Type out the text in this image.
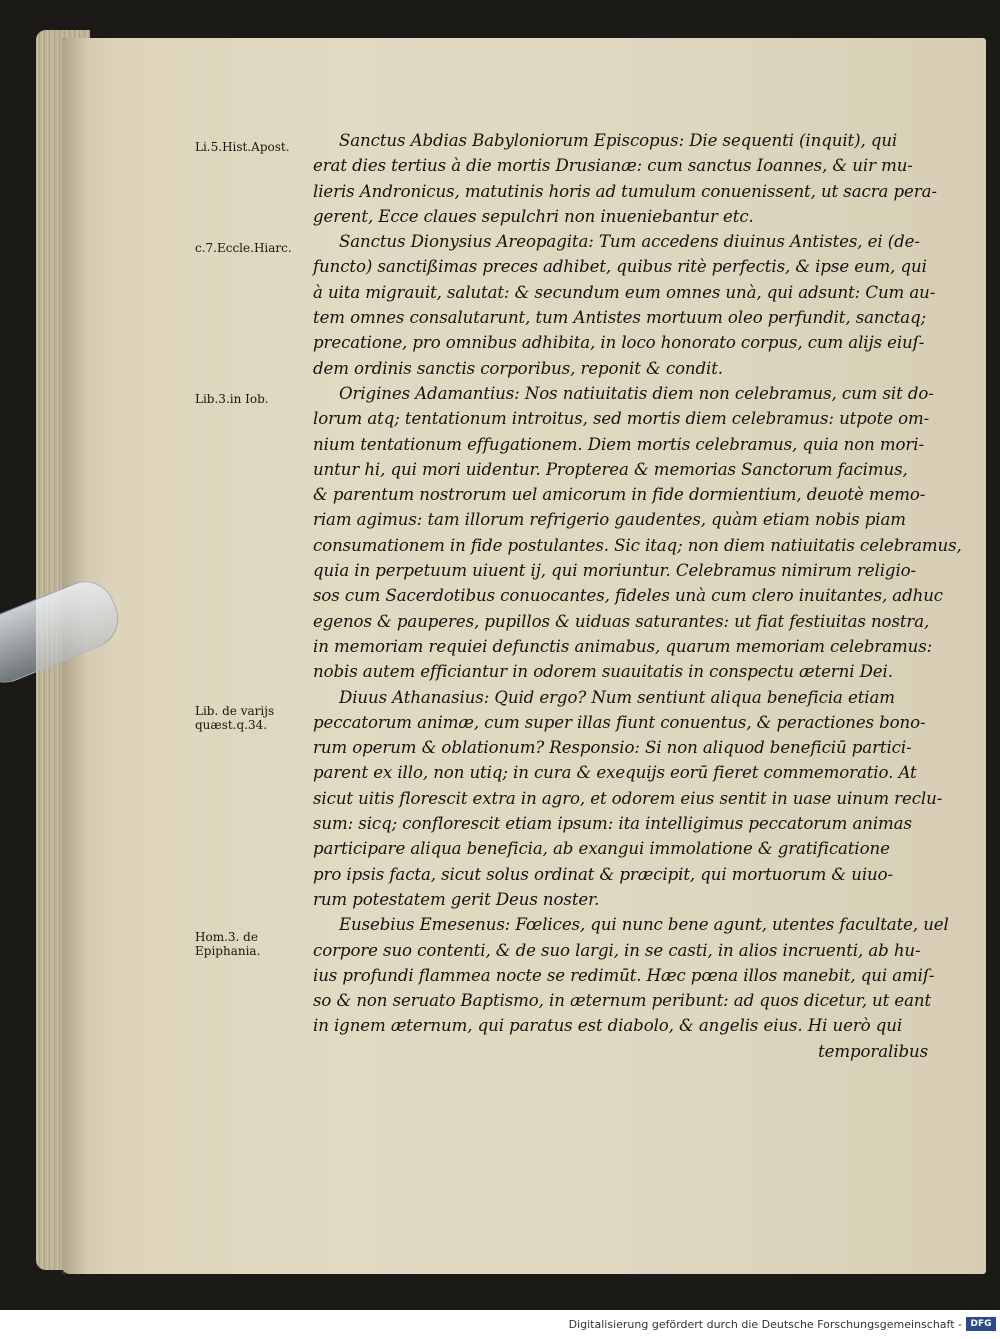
Li.5.Hist.Apost.
c.7.Eccle.Hiarc.
Lib.3.in Iob.
Lib. de varijs quæst.q.34.
Hom.3. de Epiphania.
Sanctus Abdias Babyloniorum Episcopus: Die sequenti (inquit), qui
erat dies tertius à die mortis Drusianæ: cum sanctus Ioannes, & uir mu-
lieris Andronicus, matutinis horis ad tumulum conuenissent, ut sacra pera-
gerent, Ecce claues sepulchri non inueniebantur etc.
Sanctus Dionysius Areopagita: Tum accedens diuinus Antistes, ei (de-
functo) sanctißimas preces adhibet, quibus ritè perfectis, & ipse eum, qui
à uita migrauit, salutat: & secundum eum omnes unà, qui adsunt: Cum au-
tem omnes consalutarunt, tum Antistes mortuum oleo perfundit, sanctaq;
precatione, pro omnibus adhibita, in loco honorato corpus, cum alijs eiuſ-
dem ordinis sanctis corporibus, reponit & condit.
Origines Adamantius: Nos natiuitatis diem non celebramus, cum sit do-
lorum atq; tentationum introitus, sed mortis diem celebramus: utpote om-
nium tentationum effugationem. Diem mortis celebramus, quia non mori-
untur hi, qui mori uidentur. Propterea & memorias Sanctorum facimus,
& parentum nostrorum uel amicorum in fide dormientium, deuotè memo-
riam agimus: tam illorum refrigerio gaudentes, quàm etiam nobis piam
consumationem in fide postulantes. Sic itaq; non diem natiuitatis celebramus,
quia in perpetuum uiuent ij, qui moriuntur. Celebramus nimirum religio-
sos cum Sacerdotibus conuocantes, fideles unà cum clero inuitantes, adhuc
egenos & pauperes, pupillos & uiduas saturantes: ut fiat festiuitas nostra,
in memoriam requiei defunctis animabus, quarum memoriam celebramus:
nobis autem efficiantur in odorem suauitatis in conspectu æterni Dei.
Diuus Athanasius: Quid ergo? Num sentiunt aliqua beneficia etiam
peccatorum animæ, cum super illas fiunt conuentus, & peractiones bono-
rum operum & oblationum? Responsio: Si non aliquod beneficiū partici-
parent ex illo, non utiq; in cura & exequijs eorū fieret commemoratio. At
sicut uitis florescit extra in agro, et odorem eius sentit in uase uinum reclu-
sum: sicq; conflorescit etiam ipsum: ita intelligimus peccatorum animas
participare aliqua beneficia, ab exangui immolatione & gratificatione
pro ipsis facta, sicut solus ordinat & præcipit, qui mortuorum & uiuo-
rum potestatem gerit Deus noster.
Eusebius Emesenus: Fœlices, qui nunc bene agunt, utentes facultate, uel
corpore suo contenti, & de suo largi, in se casti, in alios incruenti, ab hu-
ius profundi flammea nocte se redimūt. Hæc pœna illos manebit, qui amiſ-
so & non seruato Baptismo, in æternum peribunt: ad quos dicetur, ut eant
in ignem æternum, qui paratus est diabolo, & angelis eius. Hi uerò qui
temporalibus
Digitalisierung gefördert durch die Deutsche Forschungsgemeinschaft - DFG
